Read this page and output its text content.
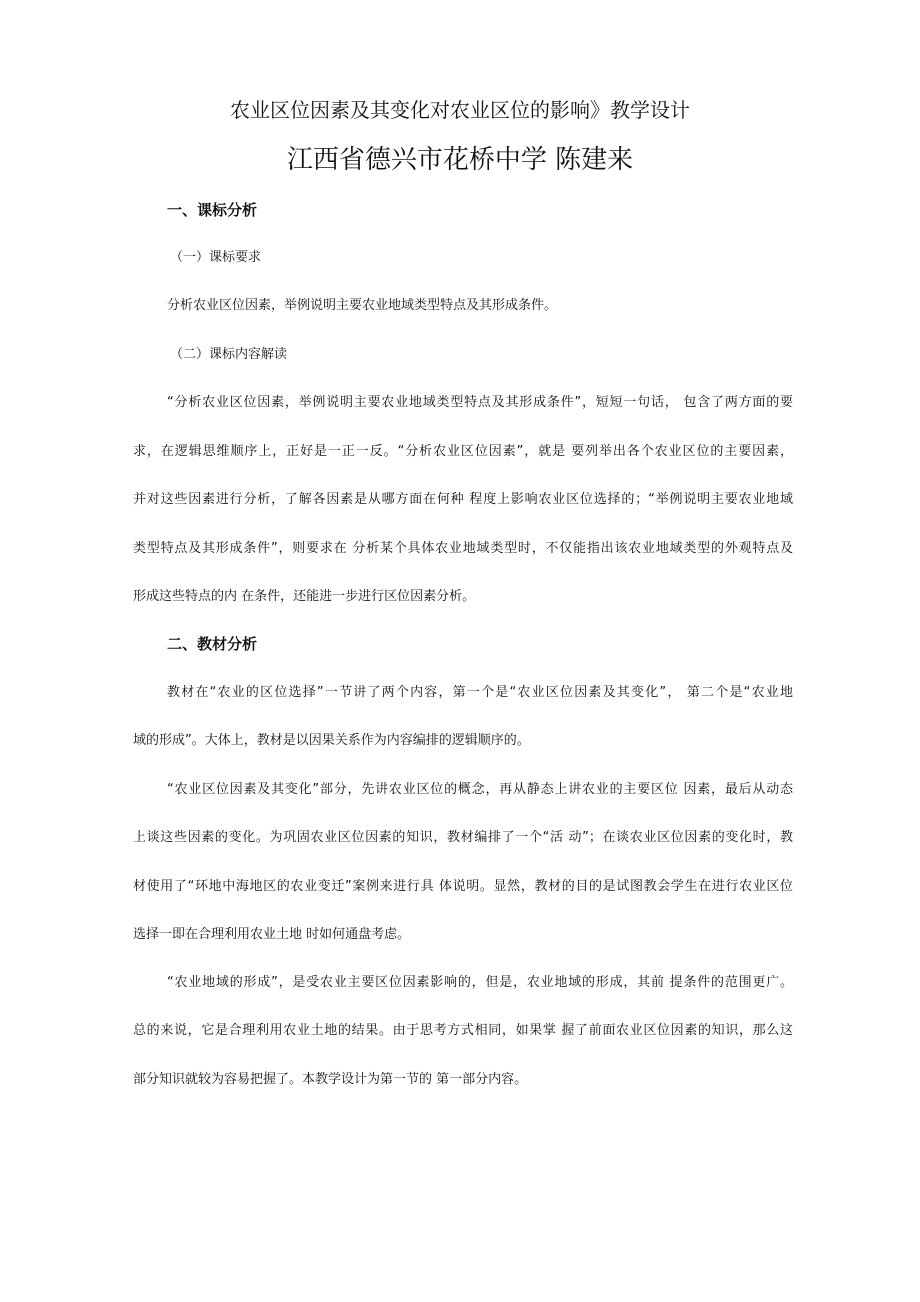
农业区位因素及其变化对农业区位的影响》教学设计

江西省德兴市花桥中学 陈建来

一、课标分析

（一）课标要求

分析农业区位因素，举例说明主要农业地域类型特点及其形成条件。

（二）课标内容解读

“分析农业区位因素，举例说明主要农业地域类型特点及其形成条件”，短短一句话， 包含了两方面的要

求，在逻辑思维顺序上，正好是一正一反。“分析农业区位因素”，就是 要列举出各个农业区位的主要因素，

并对这些因素进行分析，了解各因素是从哪方面在何种 程度上影响农业区位选择的；“举例说明主要农业地域

类型特点及其形成条件”，则要求在 分析某个具体农业地域类型时，不仅能指出该农业地域类型的外观特点及

形成这些特点的内 在条件，还能进一步进行区位因素分析。

二、教材分析

教材在“农业的区位选择”一节讲了两个内容，第一个是“农业区位因素及其变化”， 第二个是“农业地

域的形成”。大体上，教材是以因果关系作为内容编排的逻辑顺序的。

“农业区位因素及其变化”部分，先讲农业区位的概念，再从静态上讲农业的主要区位 因素，最后从动态

上谈这些因素的变化。为巩固农业区位因素的知识，教材编排了一个“活 动”；在谈农业区位因素的变化时，教

材使用了“环地中海地区的农业变迁”案例来进行具 体说明。显然，教材的目的是试图教会学生在进行农业区位

选择一即在合理利用农业土地 时如何通盘考虑。

“农业地域的形成”，是受农业主要区位因素影响的，但是，农业地域的形成，其前 提条件的范围更广。

总的来说，它是合理利用农业土地的结果。由于思考方式相同，如果掌 握了前面农业区位因素的知识，那么这

部分知识就较为容易把握了。本教学设计为第一节的 第一部分内容。
